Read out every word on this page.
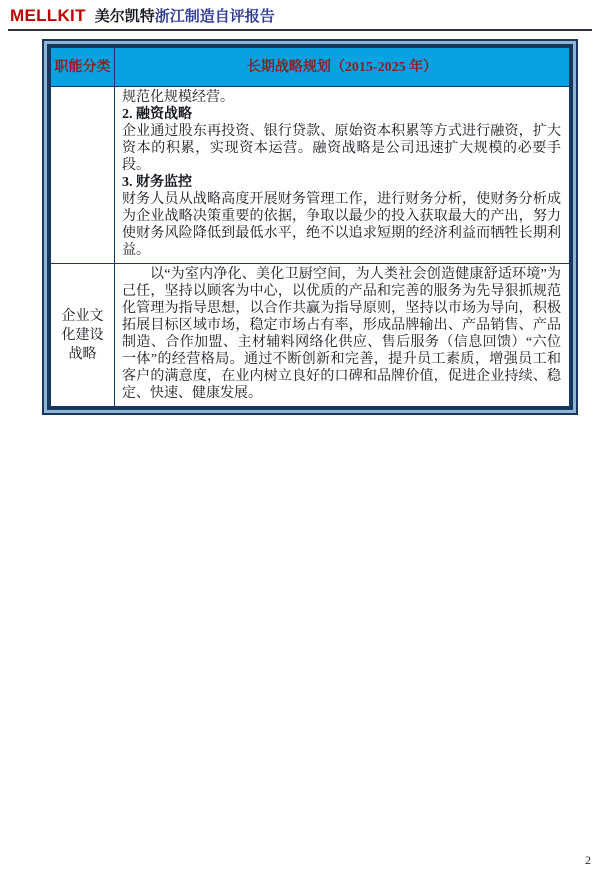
MELLKIT 美尔凯特浙江制造自评报告
职能分类	长期战略规划（2015-2025 年）

	规范化规模经营。

2. 融资战略

企业通过股东再投资、银行贷款、原始资本积累等方式进行融资，扩大资本的积累，实现资本运营。融资战略是公司迅速扩大规模的必要手段。

3. 财务监控

财务人员从战略高度开展财务管理工作，进行财务分析，使财务分析成为企业战略决策重要的依据，争取以最少的投入获取最大的产出，努力使财务风险降低到最低水平，绝不以追求短期的经济利益而牺牲长期利益。

企业文化建设战略	以“为室内净化、美化卫厨空间，为人类社会创造健康舒适环境”为己任，坚持以顾客为中心，以优质的产品和完善的服务为先导狠抓规范化管理为指导思想，以合作共赢为指导原则，坚持以市场为导向，积极拓展目标区域市场，稳定市场占有率，形成品牌输出、产品销售、产品制造、合作加盟、主材辅料网络化供应、售后服务（信息回馈）“六位一体”的经营格局。通过不断创新和完善，提升员工素质，增强员工和客户的满意度，在业内树立良好的口碑和品牌价值，促进企业持续、稳定、快速、健康发展。

2
